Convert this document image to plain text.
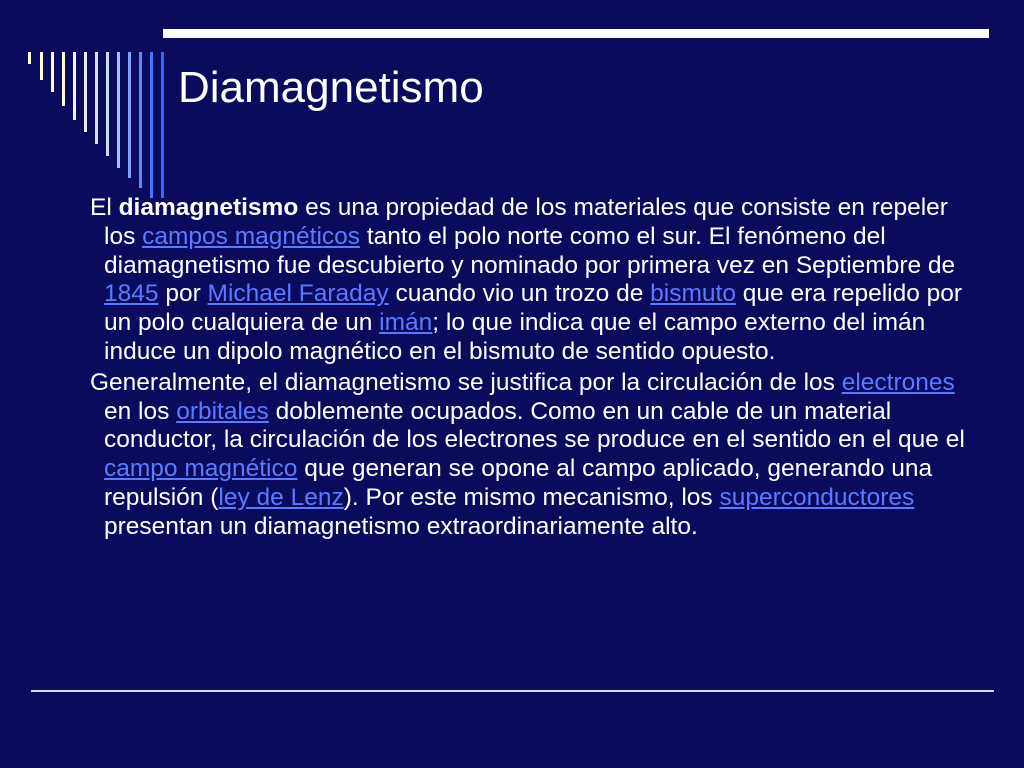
Diamagnetismo

El diamagnetismo es una propiedad de los materiales que consiste en repeler los campos magnéticos tanto el polo norte como el sur. El fenómeno del diamagnetismo fue descubierto y nominado por primera vez en Septiembre de 1845 por Michael Faraday cuando vio un trozo de bismuto que era repelido por un polo cualquiera de un imán; lo que indica que el campo externo del imán induce un dipolo magnético en el bismuto de sentido opuesto.

Generalmente, el diamagnetismo se justifica por la circulación de los electrones en los orbitales doblemente ocupados. Como en un cable de un material conductor, la circulación de los electrones se produce en el sentido en el que el campo magnético que generan se opone al campo aplicado, generando una repulsión (ley de Lenz). Por este mismo mecanismo, los superconductores presentan un diamagnetismo extraordinariamente alto.
